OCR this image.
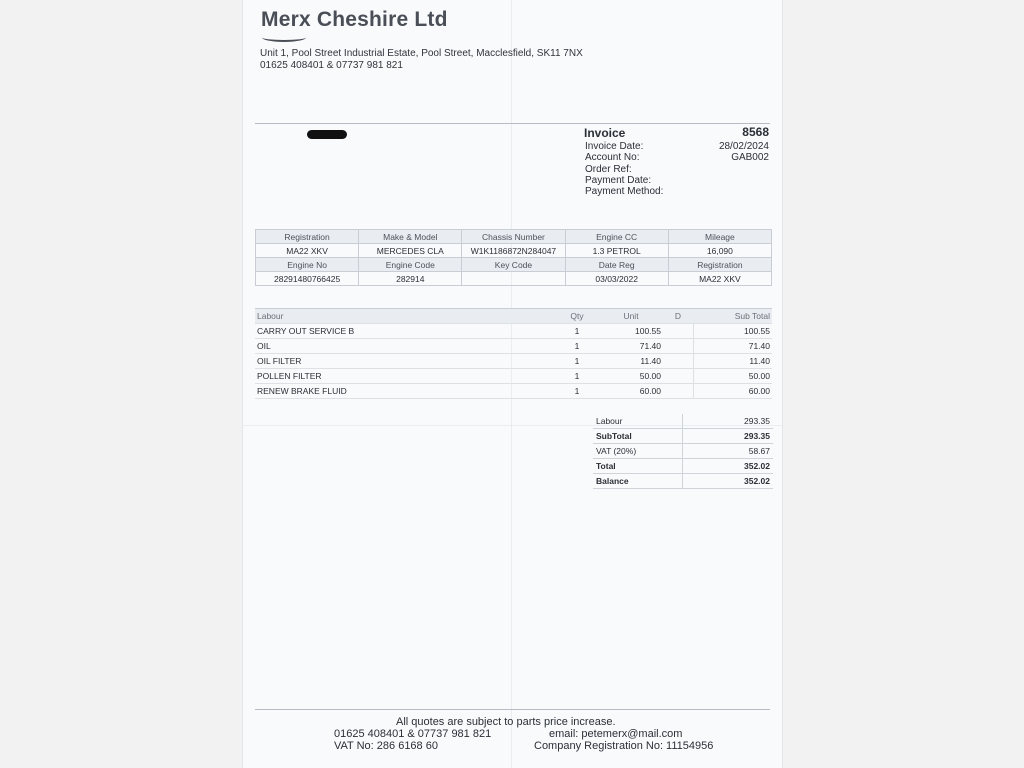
Merx Cheshire Ltd
Unit 1, Pool Street Industrial Estate, Pool Street, Macclesfield, SK11 7NX
01625 408401 & 07737 981 821
Invoice	8568
Invoice Date:	28/02/2024
Account No:	GAB002
Order Ref:
Payment Date:
Payment Method:
Registration	Make & Model	Chassis Number	Engine CC	Mileage
MA22 XKV	MERCEDES CLA	W1K1186872N284047	1.3 PETROL	16,090
Engine No	Engine Code	Key Code	Date Reg	Registration
28291480766425	282914		03/03/2022	MA22 XKV
Labour	Qty	Unit	D	Sub Total
CARRY OUT SERVICE B	1	100.55		100.55
OIL	1	71.40		71.40
OIL FILTER	1	11.40		11.40
POLLEN FILTER	1	50.00		50.00
RENEW BRAKE FLUID	1	60.00		60.00
Labour	293.35
SubTotal	293.35
VAT (20%)	58.67
Total	352.02
Balance	352.02
All quotes are subject to parts price increase.
01625 408401 & 07737 981 821	email: petemerx@mail.com
VAT No: 286 6168 60	Company Registration No: 11154956
